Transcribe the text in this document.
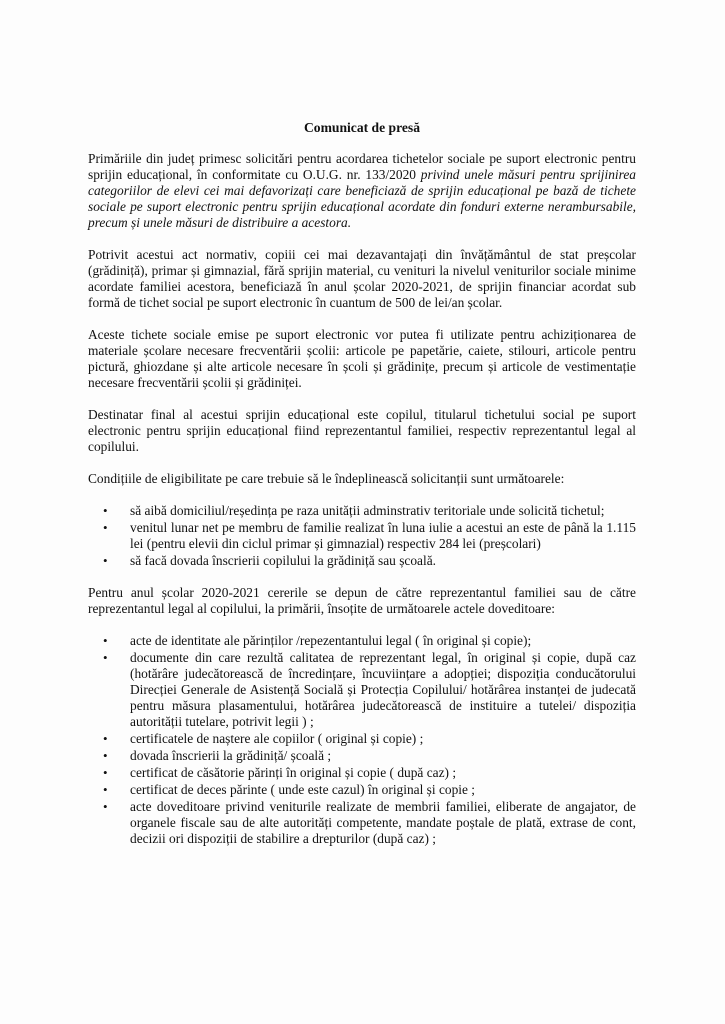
Comunicat de presă

Primăriile din județ primesc solicitări pentru acordarea tichetelor sociale pe suport electronic pentru sprijin educațional, în conformitate cu O.U.G. nr. 133/2020 privind unele măsuri pentru sprijinirea categoriilor de elevi cei mai defavorizați care beneficiază de sprijin educațional pe bază de tichete sociale pe suport electronic pentru sprijin educațional acordate din fonduri externe nerambursabile, precum și unele măsuri de distribuire a acestora.

Potrivit acestui act normativ, copiii cei mai dezavantajați din învățământul de stat preșcolar (grădiniță), primar și gimnazial, fără sprijin material, cu venituri la nivelul veniturilor sociale minime acordate familiei acestora, beneficiază în anul școlar 2020-2021, de sprijin financiar acordat sub formă de tichet social pe suport electronic în cuantum de 500 de lei/an școlar.

Aceste tichete sociale emise pe suport electronic vor putea fi utilizate pentru achiziționarea de materiale școlare necesare frecventării școlii: articole pe papetărie, caiete, stilouri, articole pentru pictură, ghiozdane și alte articole necesare în școli și grădinițe, precum și articole de vestimentație necesare frecventării școlii și grădiniței.

Destinatar final al acestui sprijin educațional este copilul, titularul tichetului social pe suport electronic pentru sprijin educațional fiind reprezentantul familiei, respectiv reprezentantul legal al copilului.

Condițiile de eligibilitate pe care trebuie să le îndeplinească solicitanții sunt următoarele:

• să aibă domiciliul/reședința pe raza unității adminstrativ teritoriale unde solicită tichetul;
• venitul lunar net pe membru de familie realizat în luna iulie a acestui an este de până la 1.115 lei (pentru elevii din ciclul primar și gimnazial) respectiv 284 lei (preșcolari)
• să facă dovada înscrierii copilului la grădiniță sau școală.

Pentru anul școlar 2020-2021 cererile se depun de către reprezentantul familiei sau de către reprezentantul legal al copilului, la primării, însoțite de următoarele actele doveditoare:

• acte de identitate ale părinților /repezentantului legal ( în original și copie);
• documente din care rezultă calitatea de reprezentant legal, în original și copie, după caz (hotărâre judecătorească de încredințare, încuviințare a adopției; dispoziția conducătorului Direcției Generale de Asistență Socială și Protecția Copilului/ hotărârea instanței de judecată pentru măsura plasamentului, hotărârea judecătorească de instituire a tutelei/ dispoziția autorității tutelare, potrivit legii ) ;
• certificatele de naștere ale copiilor ( original și copie) ;
• dovada înscrierii la grădiniță/ școală ;
• certificat de căsătorie părinți în original și copie ( după caz) ;
• certificat de deces părinte ( unde este cazul) în original și copie ;
• acte doveditoare privind veniturile realizate de membrii familiei, eliberate de angajator, de organele fiscale sau de alte autorități competente, mandate poștale de plată, extrase de cont, decizii ori dispoziții de stabilire a drepturilor (după caz) ;
